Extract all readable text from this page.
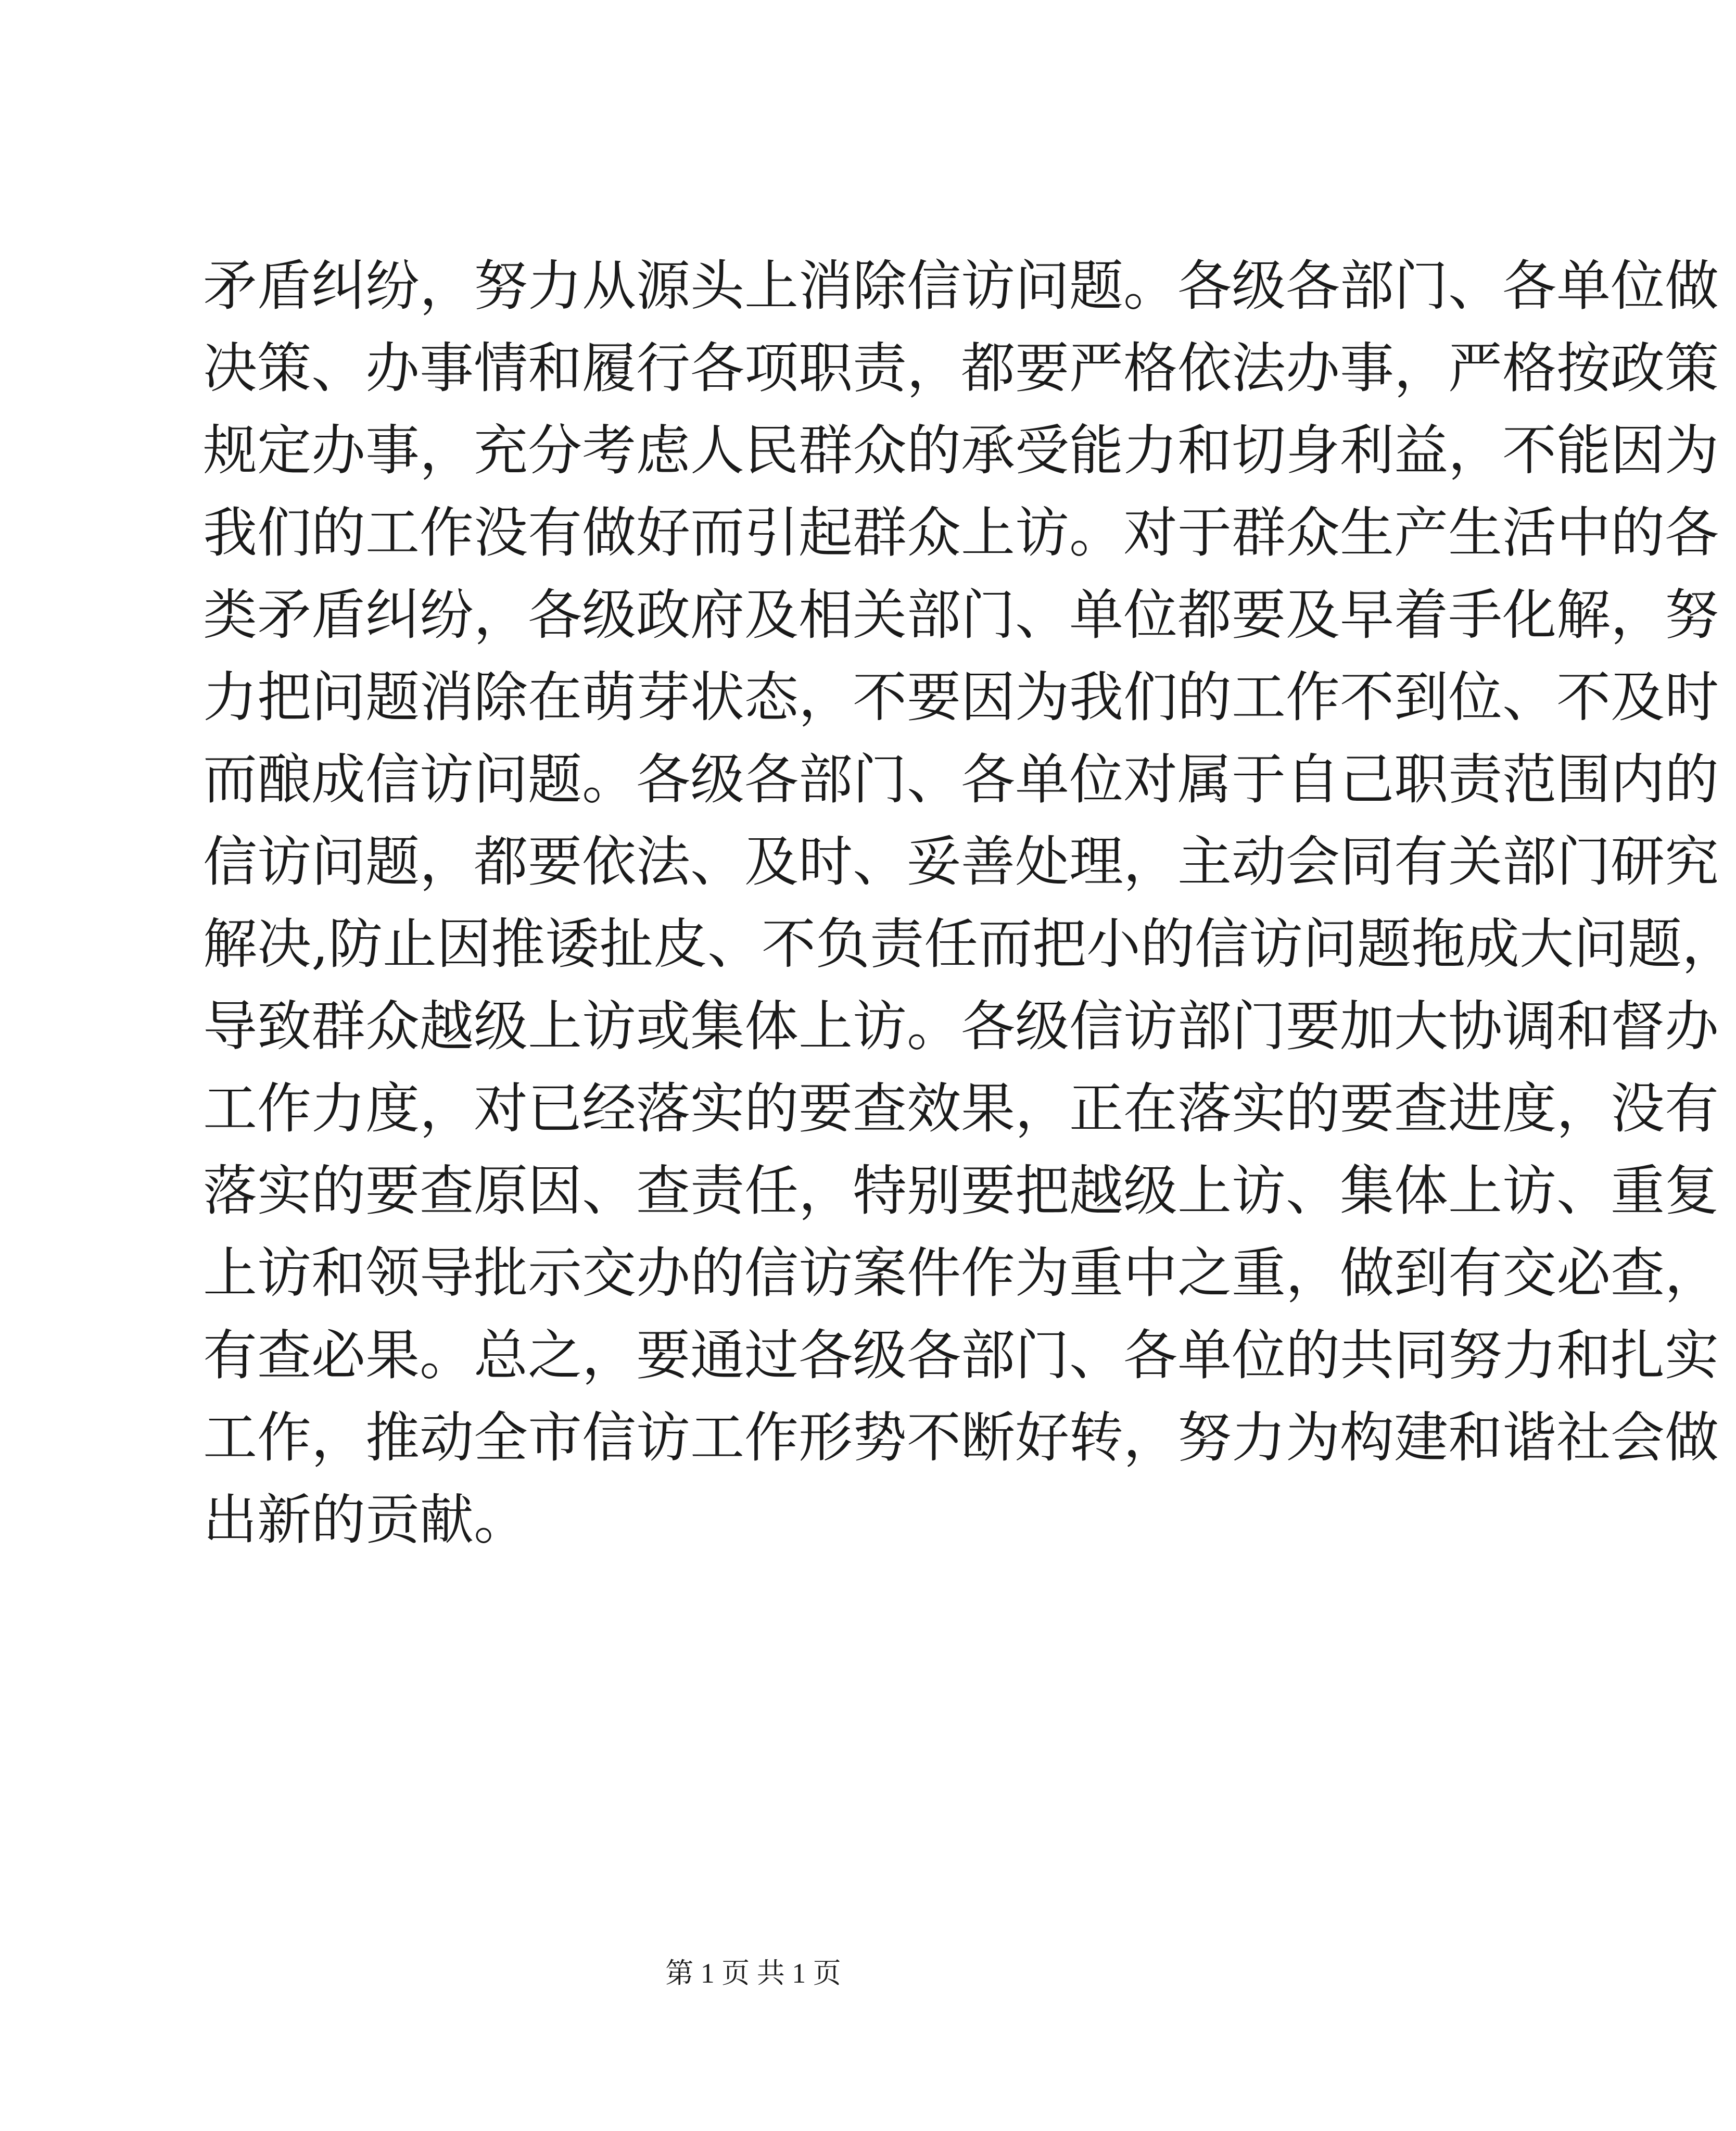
矛盾纠纷，努力从源头上消除信访问题。各级各部门、各单位做
决策、办事情和履行各项职责，都要严格依法办事，严格按政策
规定办事，充分考虑人民群众的承受能力和切身利益，不能因为
我们的工作没有做好而引起群众上访。对于群众生产生活中的各
类矛盾纠纷，各级政府及相关部门、单位都要及早着手化解，努
力把问题消除在萌芽状态，不要因为我们的工作不到位、不及时
而酿成信访问题。各级各部门、各单位对属于自己职责范围内的
信访问题，都要依法、及时、妥善处理，主动会同有关部门研究
解决,防止因推诿扯皮、不负责任而把小的信访问题拖成大问题，
导致群众越级上访或集体上访。各级信访部门要加大协调和督办
工作力度，对已经落实的要查效果，正在落实的要查进度，没有
落实的要查原因、查责任，特别要把越级上访、集体上访、重复
上访和领导批示交办的信访案件作为重中之重，做到有交必查，
有查必果。总之，要通过各级各部门、各单位的共同努力和扎实
工作，推动全市信访工作形势不断好转，努力为构建和谐社会做
出新的贡献。
第 1 页 共 1 页
